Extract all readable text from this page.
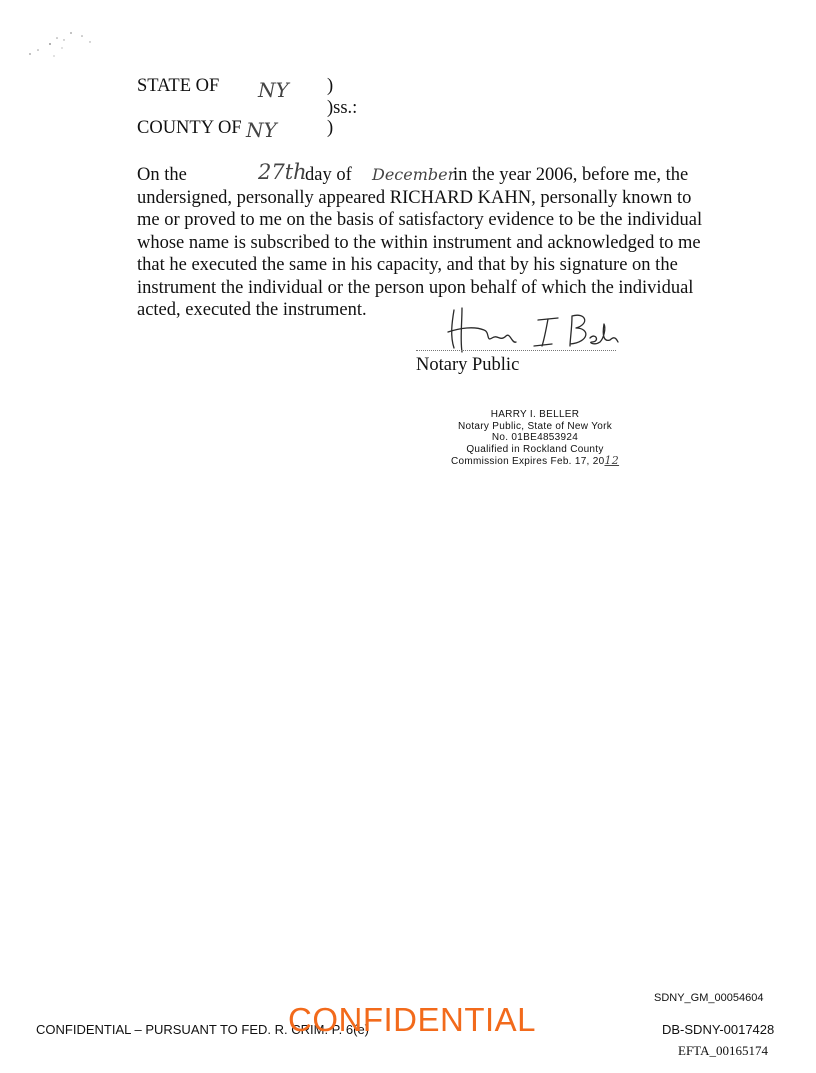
STATE OF NY )
)ss.:
COUNTY OF NY	)
On the	27th
day of December
in the year 2006, before me, the
undersigned, personally appeared RICHARD KAHN, personally known to
me or proved to me on the basis of satisfactory evidence to be the individual
whose name is subscribed to the within instrument and acknowledged to me
that he executed the same in his capacity, and that by his signature on the
instrument the individual or the person upon behalf of which the individual
acted, executed the instrument.
Notary Public
HARRY I. BELLER
Notary Public, State of New York
No. 01BE4853924
Qualified in Rockland County
Commission Expires Feb. 17, 2012
SDNY_GM_00054604
CONFIDENTIAL – PURSUANT TO FED. R. CRIM. P. 6(e)
CONFIDENTIAL	DB-SDNY-0017428
EFTA_00165174
